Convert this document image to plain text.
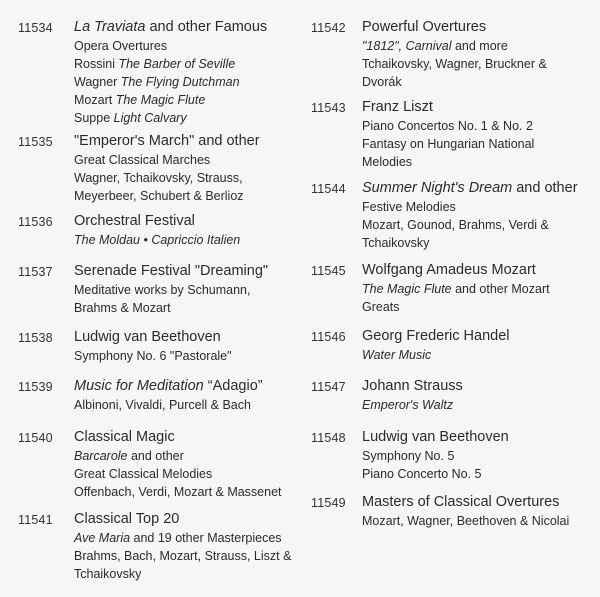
11534 La Traviata and other Famous
Opera Overtures
Rossini The Barber of Seville
Wagner The Flying Dutchman
Mozart The Magic Flute
Suppe Light Calvary
11535 "Emperor's March" and other
Great Classical Marches
Wagner, Tchaikovsky, Strauss,
Meyerbeer, Schubert & Berlioz
11536 Orchestral Festival
The Moldau • Capriccio Italien
11537 Serenade Festival "Dreaming"
Meditative works by Schumann,
Brahms & Mozart
11538 Ludwig van Beethoven
Symphony No. 6 "Pastorale"
11539 Music for Meditation “Adagio”
Albinoni, Vivaldi, Purcell & Bach
11540 Classical Magic
Barcarole and other
Great Classical Melodies
Offenbach, Verdi, Mozart & Massenet
11541 Classical Top 20
Ave Maria and 19 other Masterpieces
Brahms, Bach, Mozart, Strauss, Liszt &
Tchaikovsky
11542 Powerful Overtures
"1812", Carnival and more
Tchaikovsky, Wagner, Bruckner &
Dvorák
11543 Franz Liszt
Piano Concertos No. 1 & No. 2
Fantasy on Hungarian National
Melodies
11544 Summer Night's Dream and other
Festive Melodies
Mozart, Gounod, Brahms, Verdi &
Tchaikovsky
11545 Wolfgang Amadeus Mozart
The Magic Flute and other Mozart
Greats
11546 Georg Frederic Handel
Water Music
11547 Johann Strauss
Emperor's Waltz
11548 Ludwig van Beethoven
Symphony No. 5
Piano Concerto No. 5
11549 Masters of Classical Overtures
Mozart, Wagner, Beethoven & Nicolai
